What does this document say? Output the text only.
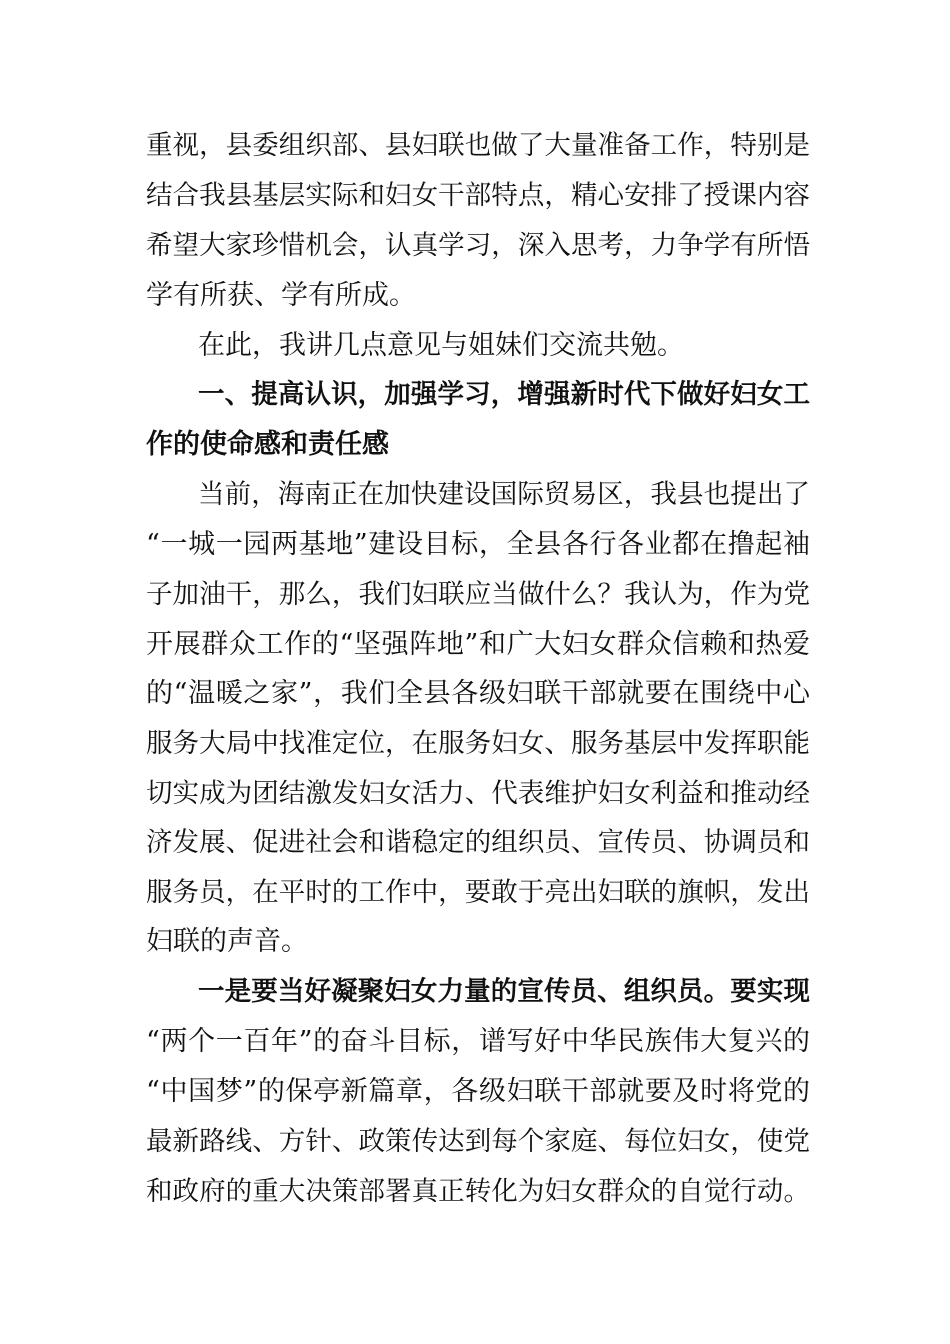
重视，县委组织部、县妇联也做了大量准备工作，特别是
结合我县基层实际和妇女干部特点，精心安排了授课内容
希望大家珍惜机会，认真学习，深入思考，力争学有所悟
学有所获、学有所成。
在此，我讲几点意见与姐妹们交流共勉。
一、提高认识，加强学习，增强新时代下做好妇女工
作的使命感和责任感
当前，海南正在加快建设国际贸易区，我县也提出了
“一城一园两基地”建设目标，全县各行各业都在撸起袖
子加油干，那么，我们妇联应当做什么？我认为，作为党
开展群众工作的“坚强阵地”和广大妇女群众信赖和热爱
的“温暖之家”，我们全县各级妇联干部就要在围绕中心
服务大局中找准定位，在服务妇女、服务基层中发挥职能
切实成为团结激发妇女活力、代表维护妇女利益和推动经
济发展、促进社会和谐稳定的组织员、宣传员、协调员和
服务员，在平时的工作中，要敢于亮出妇联的旗帜，发出
妇联的声音。
一是要当好凝聚妇女力量的宣传员、组织员。要实现
“两个一百年”的奋斗目标，谱写好中华民族伟大复兴的
“中国梦”的保亭新篇章，各级妇联干部就要及时将党的
最新路线、方针、政策传达到每个家庭、每位妇女，使党
和政府的重大决策部署真正转化为妇女群众的自觉行动。
